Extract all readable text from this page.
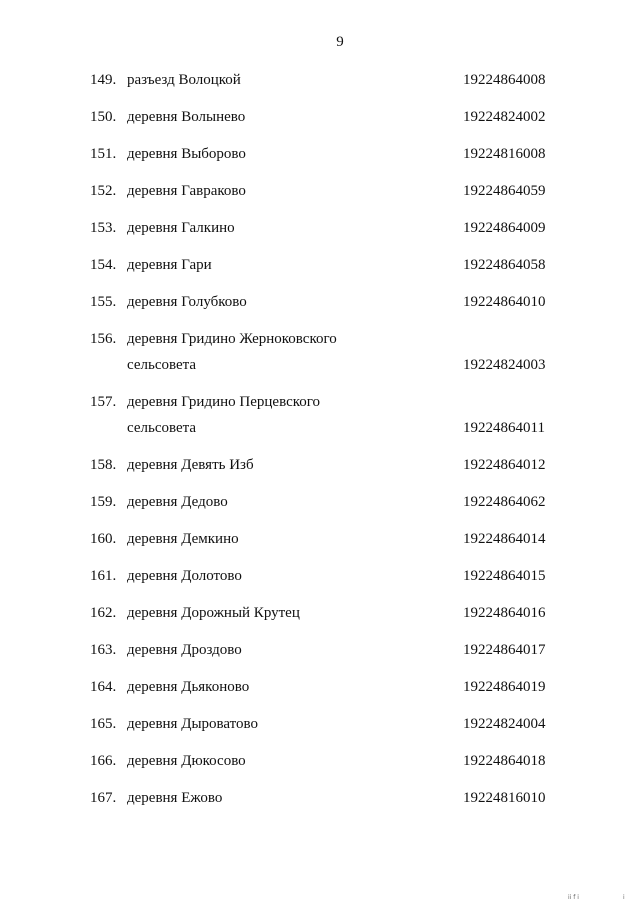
9
149. разъезд Волоцкой	19224864008
150. деревня Волынево	19224824002
151. деревня Выборово	19224816008
152. деревня Гавраково	19224864059
153. деревня Галкино	19224864009
154. деревня Гари	19224864058
155. деревня Голубково	19224864010
156. деревня Гридино Жерноковского
сельсовета	19224824003
157. деревня Гридино Перцевского
сельсовета	19224864011
158. деревня Девять Изб	19224864012
159. деревня Дедово	19224864062
160. деревня Демкино	19224864014
161. деревня Долотово	19224864015
162. деревня Дорожный Крутец	19224864016
163. деревня Дроздово	19224864017
164. деревня Дьяконово	19224864019
165. деревня Дыроватово	19224824004
166. деревня Дюкосово	19224864018
167. деревня Ежово	19224816010
ii f i	i
